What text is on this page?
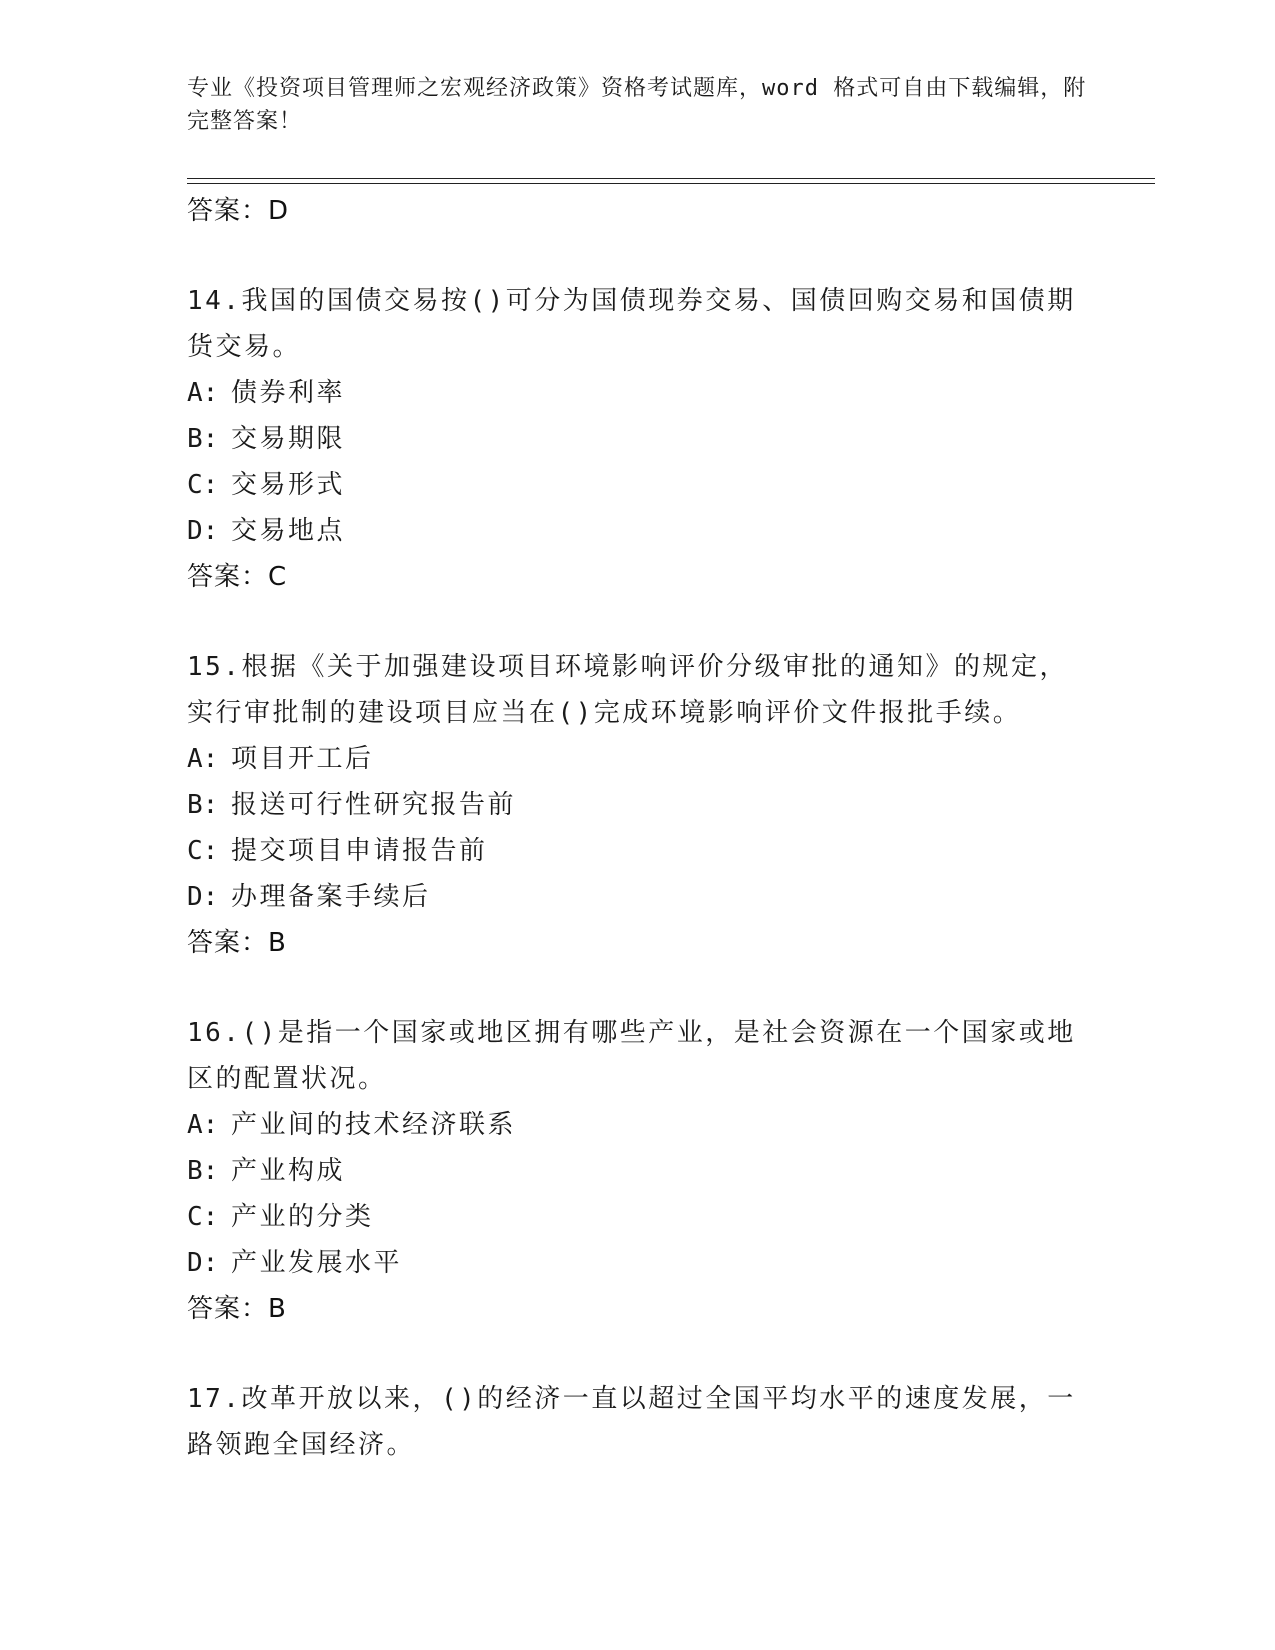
专业《投资项目管理师之宏观经济政策》资格考试题库，word 格式可自由下载编辑，附完整答案！

答案：D

14.我国的国债交易按()可分为国债现券交易、国债回购交易和国债期货交易。

A: 债券利率

B: 交易期限

C: 交易形式

D: 交易地点

答案：C

15.根据《关于加强建设项目环境影响评价分级审批的通知》的规定，实行审批制的建设项目应当在()完成环境影响评价文件报批手续。

A: 项目开工后

B: 报送可行性研究报告前

C: 提交项目申请报告前

D: 办理备案手续后

答案：B

16.()是指一个国家或地区拥有哪些产业，是社会资源在一个国家或地区的配置状况。

A: 产业间的技术经济联系

B: 产业构成

C: 产业的分类

D: 产业发展水平

答案：B

17.改革开放以来，()的经济一直以超过全国平均水平的速度发展，一路领跑全国经济。
